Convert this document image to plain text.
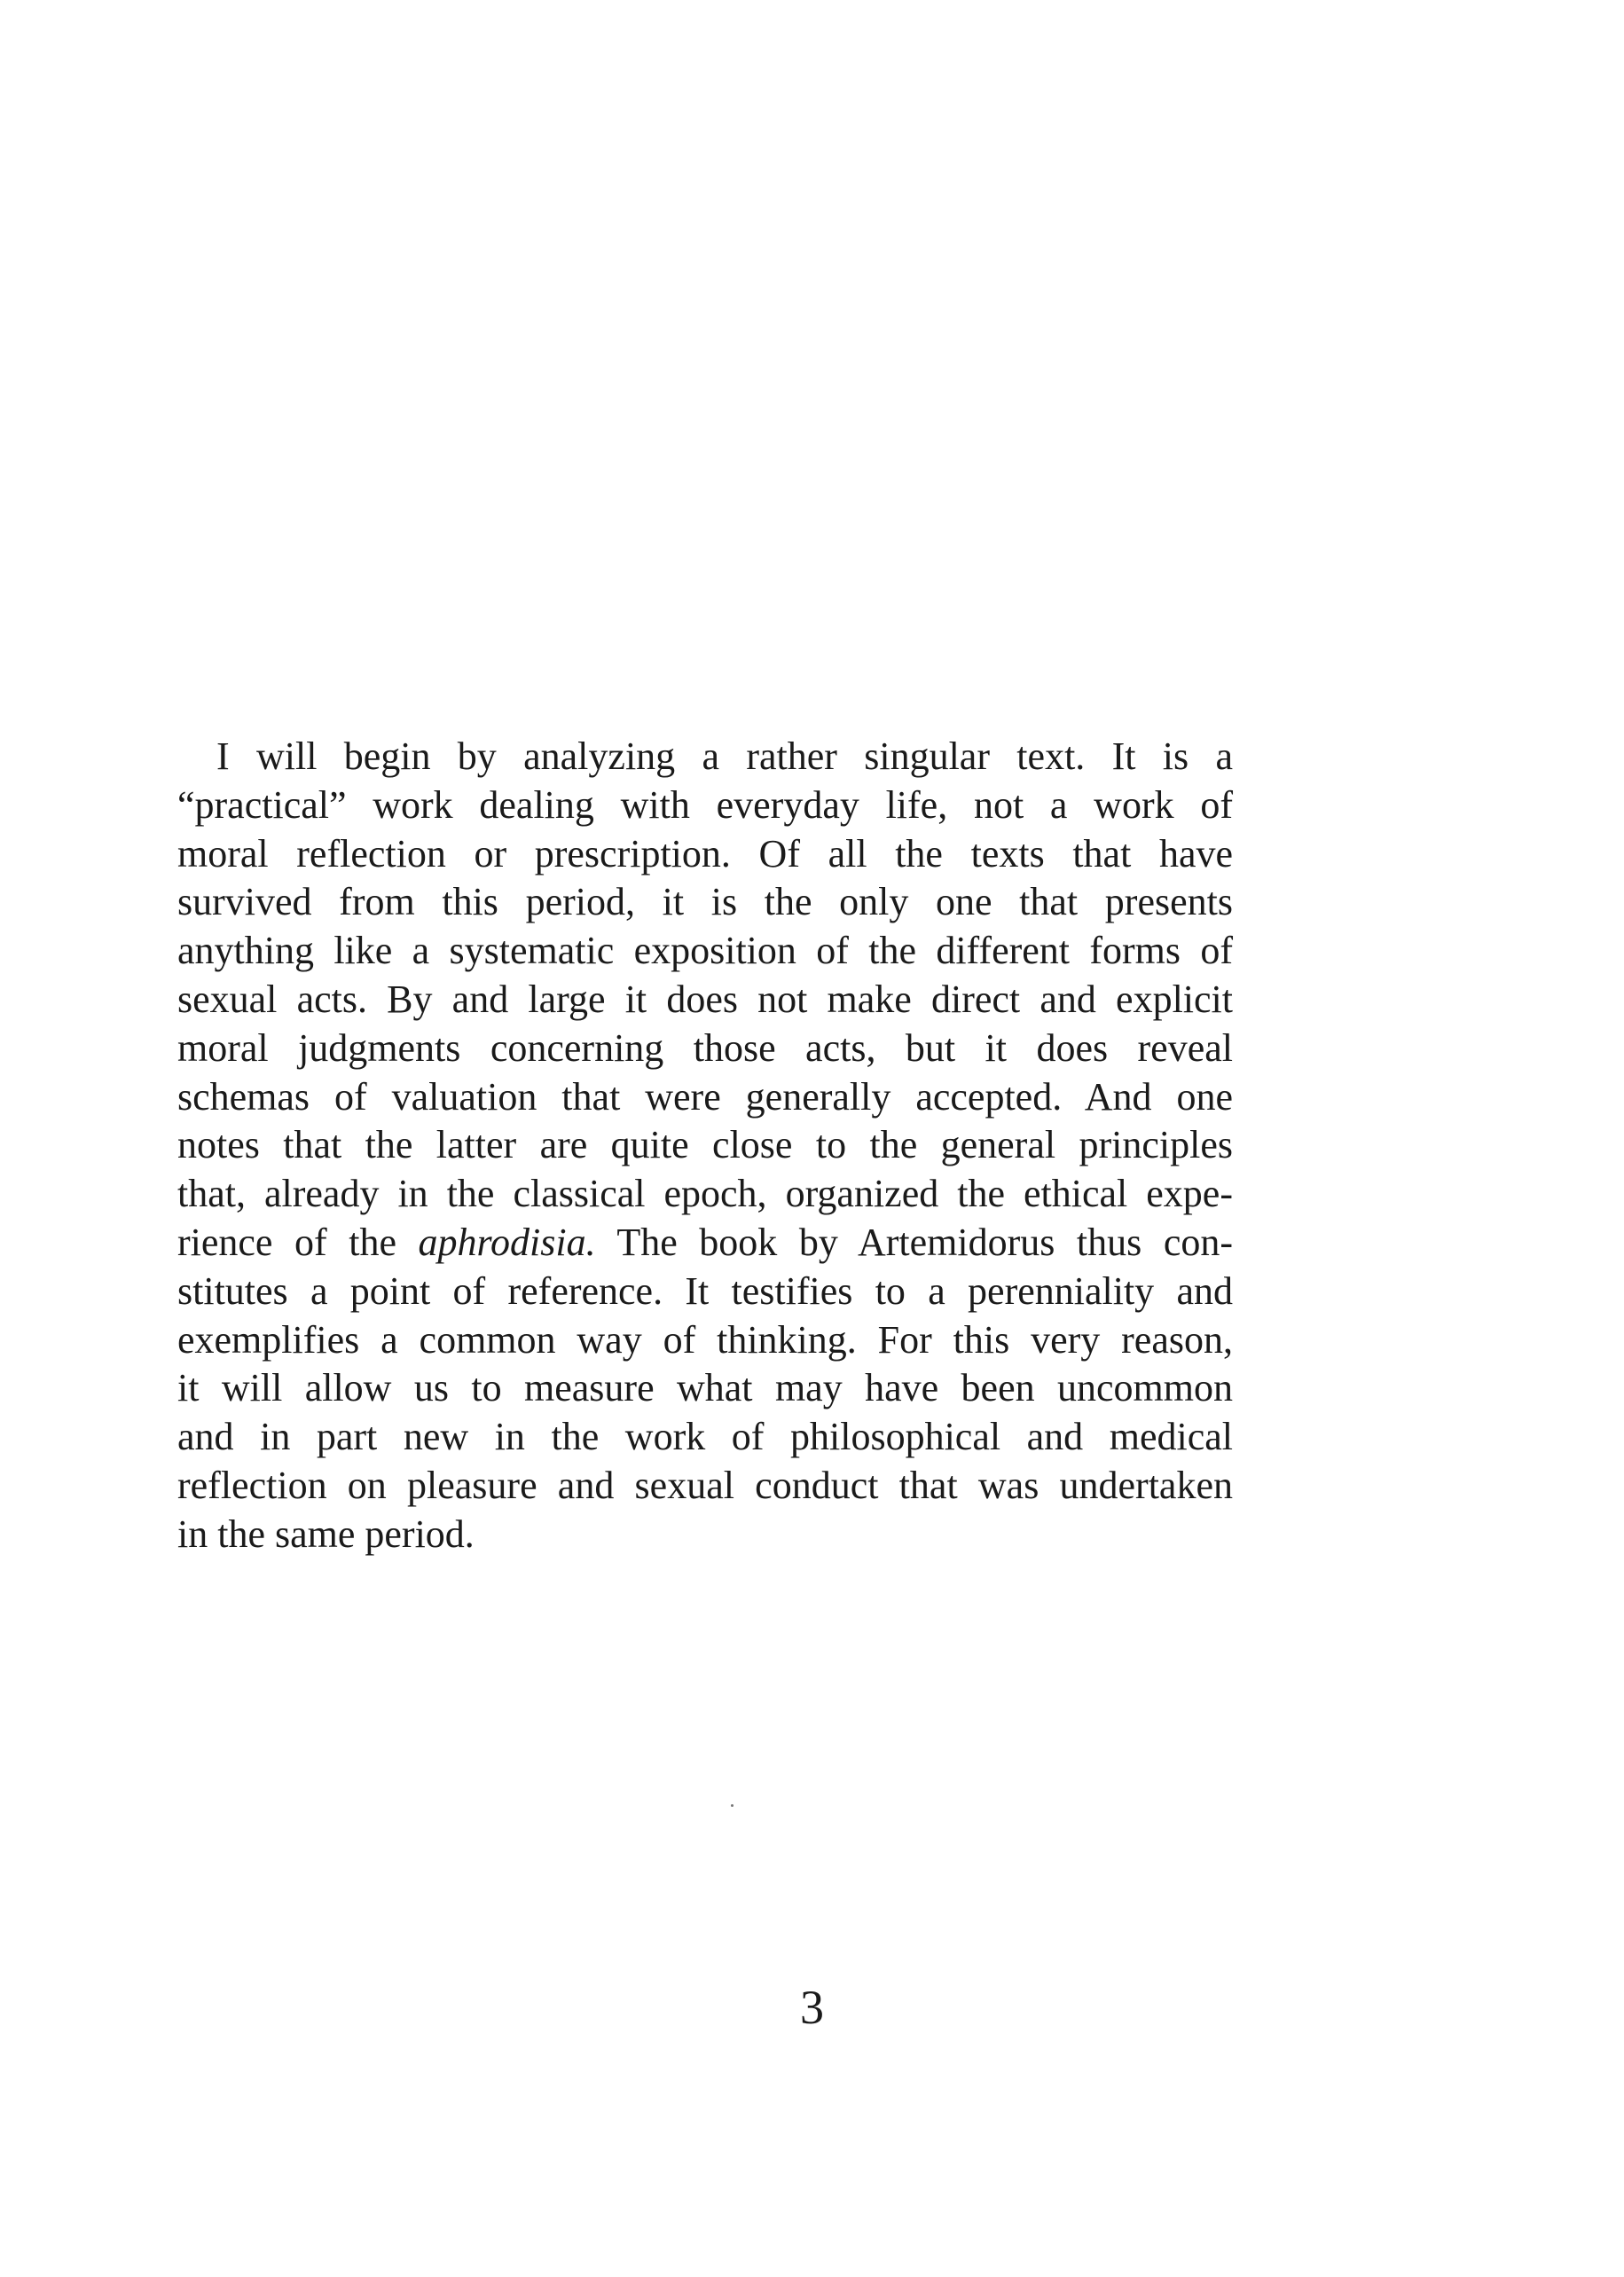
I will begin by analyzing a rather singular text. It is a
“practical” work dealing with everyday life, not a work of
moral reflection or prescription. Of all the texts that have
survived from this period, it is the only one that presents
anything like a systematic exposition of the different forms of
sexual acts. By and large it does not make direct and explicit
moral judgments concerning those acts, but it does reveal
schemas of valuation that were generally accepted. And one
notes that the latter are quite close to the general principles
that, already in the classical epoch, organized the ethical expe-
rience of the aphrodisia. The book by Artemidorus thus con-
stitutes a point of reference. It testifies to a perenniality and
exemplifies a common way of thinking. For this very reason,
it will allow us to measure what may have been uncommon
and in part new in the work of philosophical and medical
reflection on pleasure and sexual conduct that was undertaken
in the same period.
3
